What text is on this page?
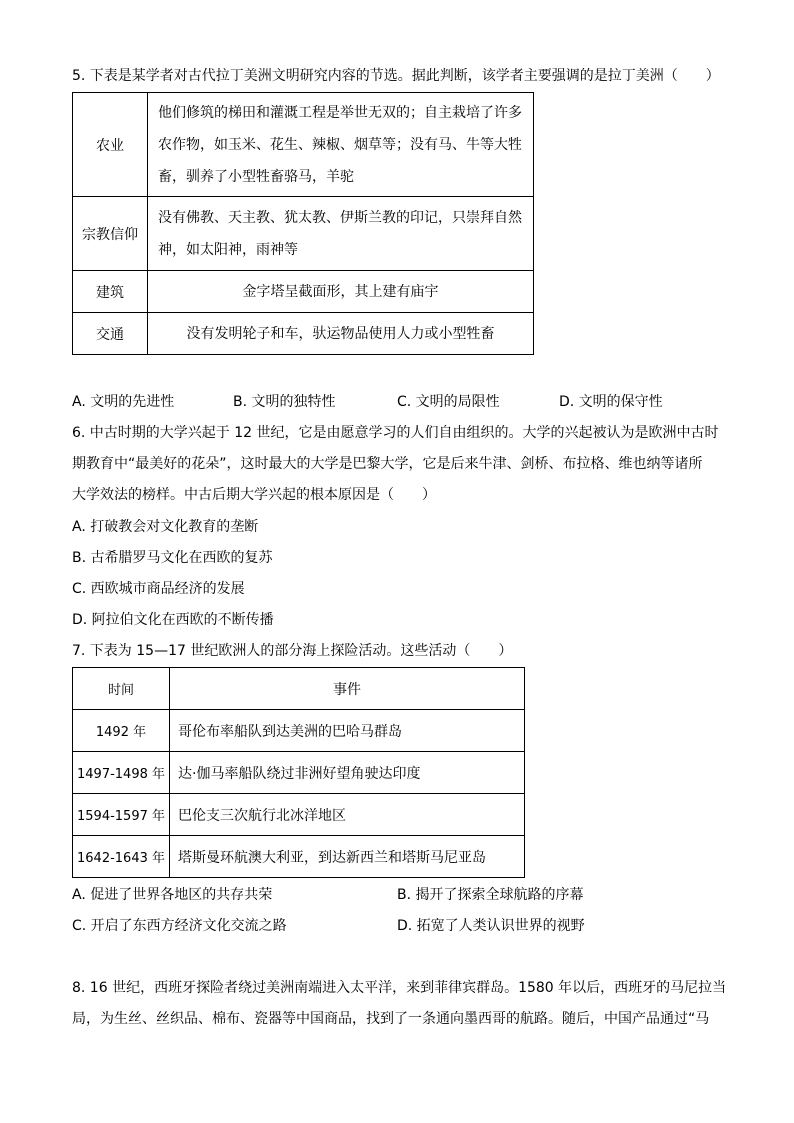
5. 下表是某学者对古代拉丁美洲文明研究内容的节选。据此判断，该学者主要强调的是拉丁美洲（　　）
农业	他们修筑的梯田和灌溉工程是举世无双的；自主栽培了许多
农作物，如玉米、花生、辣椒、烟草等；没有马、牛等大牲
畜，驯养了小型牲畜骆马，羊驼

宗教信仰	没有佛教、天主教、犹太教、伊斯兰教的印记，只崇拜自然
神，如太阳神，雨神等

建筑	金字塔呈截面形，其上建有庙宇
交通	没有发明轮子和车，驮运物品使用人力或小型牲畜
A. 文明的先进性	B. 文明的独特性	C. 文明的局限性	D. 文明的保守性
6. 中古时期的大学兴起于 12 世纪，它是由愿意学习的人们自由组织的。大学的兴起被认为是欧洲中古时
期教育中“最美好的花朵”，这时最大的大学是巴黎大学，它是后来牛津、剑桥、布拉格、维也纳等诸所
大学效法的榜样。中古后期大学兴起的根本原因是（　　）
A. 打破教会对文化教育的垄断
B. 古希腊罗马文化在西欧的复苏
C. 西欧城市商品经济的发展
D. 阿拉伯文化在西欧的不断传播
7. 下表为 15—17 世纪欧洲人的部分海上探险活动。这些活动（　　）
时间	事件
1492 年	哥伦布率船队到达美洲的巴哈马群岛
1497-1498 年	达·伽马率船队绕过非洲好望角驶达印度
1594-1597 年	巴伦支三次航行北冰洋地区
1642-1643 年	塔斯曼环航澳大利亚，到达新西兰和塔斯马尼亚岛
A. 促进了世界各地区的共存共荣	B. 揭开了探索全球航路的序幕
C. 开启了东西方经济文化交流之路	D. 拓宽了人类认识世界的视野
8. 16 世纪，西班牙探险者绕过美洲南端进入太平洋，来到菲律宾群岛。1580 年以后，西班牙的马尼拉当
局，为生丝、丝织品、棉布、瓷器等中国商品，找到了一条通向墨西哥的航路。随后，中国产品通过“马
